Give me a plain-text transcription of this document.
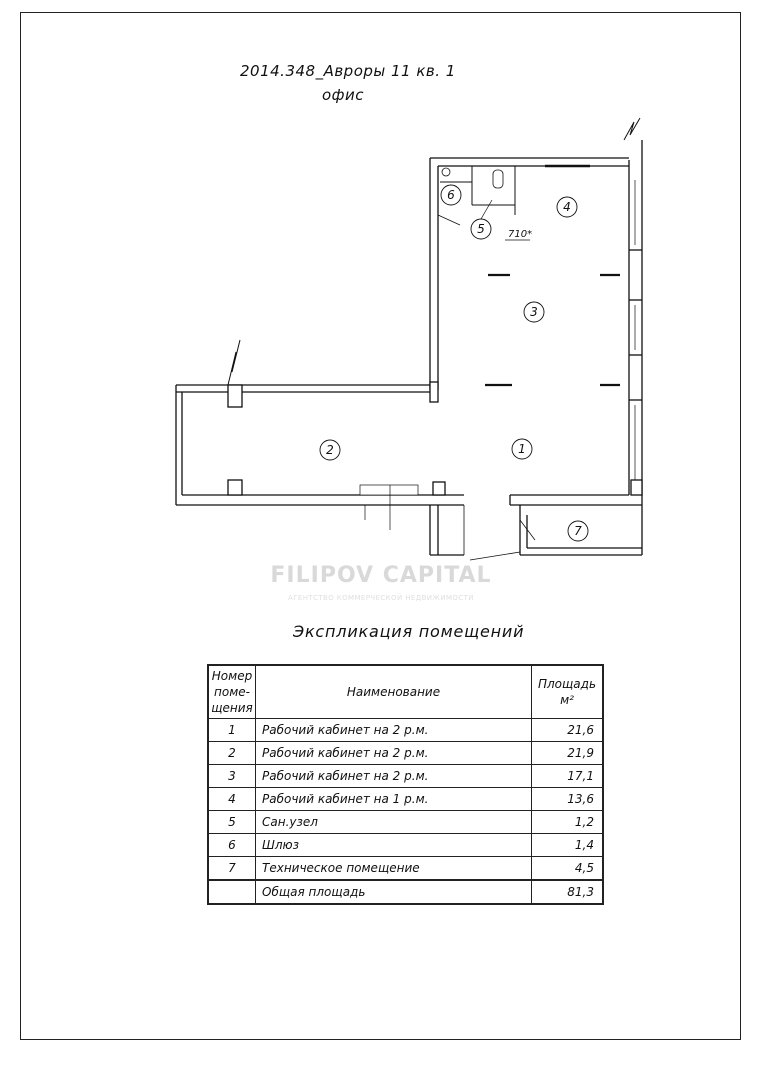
2014.348_Авроры 11 кв. 1
офис
1
2
3
4
5
6
7
710*
FILIPOV CAPITAL
АГЕНТСТВО КОММЕРЧЕСКОЙ НЕДВИЖИМОСТИ
Экспликация помещений
Номер
поме-
щения	Наименование	Площадь
м²
1	Рабочий кабинет на 2 р.м.	21,6
2	Рабочий кабинет на 2 р.м.	21,9
3	Рабочий кабинет на 2 р.м.	17,1
4	Рабочий кабинет на 1 р.м.	13,6
5	Сан.узел	1,2
6	Шлюз	1,4
7	Техническое помещение	4,5
	Общая площадь	81,3
